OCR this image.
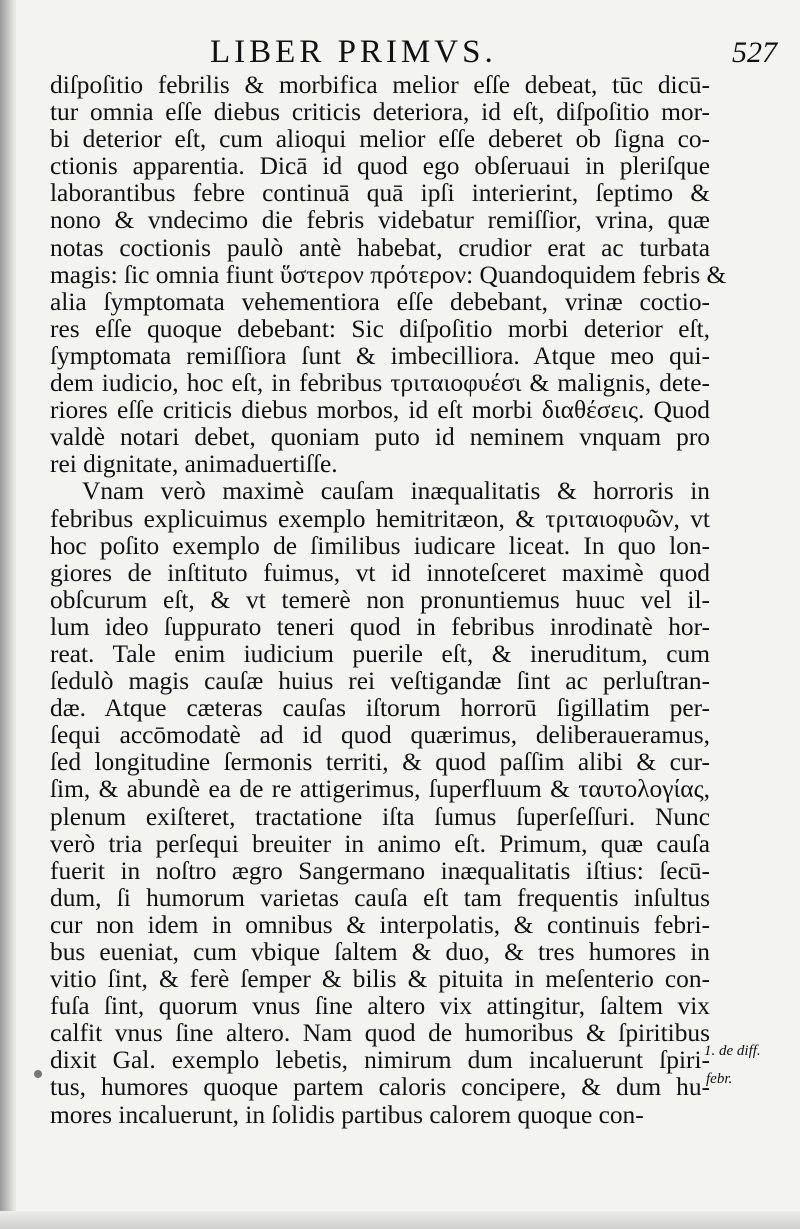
LIBER PRIMVS.	527
diſpoſitio febrilis & morbifica melior eſſe debeat, tūc dicū-
tur omnia eſſe diebus criticis deteriora, id eſt, diſpoſitio mor-
bi deterior eſt, cum alioqui melior eſſe deberet ob ſigna co-
ctionis apparentia. Dicā id quod ego obſeruaui in pleriſque
laborantibus febre continuā quā ipſi interierint, ſeptimo &
nono & vndecimo die febris videbatur remiſſior, vrina, quæ
notas coctionis paulò antè habebat, crudior erat ac turbata
magis: ſic omnia fiunt ὕστερον πρότερον: Quandoquidem febris &
alia ſymptomata vehementiora eſſe debebant, vrinæ coctio-
res eſſe quoque debebant: Sic diſpoſitio morbi deterior eſt,
ſymptomata remiſſiora ſunt & imbecilliora. Atque meo qui-
dem iudicio, hoc eſt, in febribus τριταιοφυέσι & malignis, dete-
riores eſſe criticis diebus morbos, id eſt morbi διαθέσεις. Quod
valdè notari debet, quoniam puto id neminem vnquam pro
rei dignitate, animaduertiſſe.
Vnam verò maximè cauſam inæqualitatis & horroris in
febribus explicuimus exemplo hemitritæon, & τριταιοφυῶν, vt
hoc poſito exemplo de ſimilibus iudicare liceat. In quo lon-
giores de inſtituto fuimus, vt id innoteſceret maximè quod
obſcurum eſt, & vt temerè non pronuntiemus huuc vel il-
lum ideo ſuppurato teneri quod in febribus inrodinatè hor-
reat. Tale enim iudicium puerile eſt, & ineruditum, cum
ſedulò magis cauſæ huius rei veſtigandæ ſint ac perluſtran-
dæ. Atque cæteras cauſas iſtorum horrorū ſigillatim per-
ſequi accōmodatè ad id quod quærimus, deliberaueramus,
ſed longitudine ſermonis territi, & quod paſſim alibi & cur-
ſim, & abundè ea de re attigerimus, ſuperfluum & ταυτολογίας,
plenum exiſteret, tractatione iſta ſumus ſuperſeſſuri. Nunc
verò tria perſequi breuiter in animo eſt. Primum, quæ cauſa
fuerit in noſtro ægro Sangermano inæqualitatis iſtius: ſecū-
dum, ſi humorum varietas cauſa eſt tam frequentis inſultus
cur non idem in omnibus & interpolatis, & continuis febri-
bus eueniat, cum vbique ſaltem & duo, & tres humores in
vitio ſint, & ferè ſemper & bilis & pituita in meſenterio con-
fuſa ſint, quorum vnus ſine altero vix attingitur, ſaltem vix
calfit vnus ſine altero. Nam quod de humoribus & ſpiritibus
dixit Gal. exemplo lebetis, nimirum dum incaluerunt ſpiri-
tus, humores quoque partem caloris concipere, & dum hu-
mores incaluerunt, in ſolidis partibus calorem quoque con-
1. de diff.
febr.
